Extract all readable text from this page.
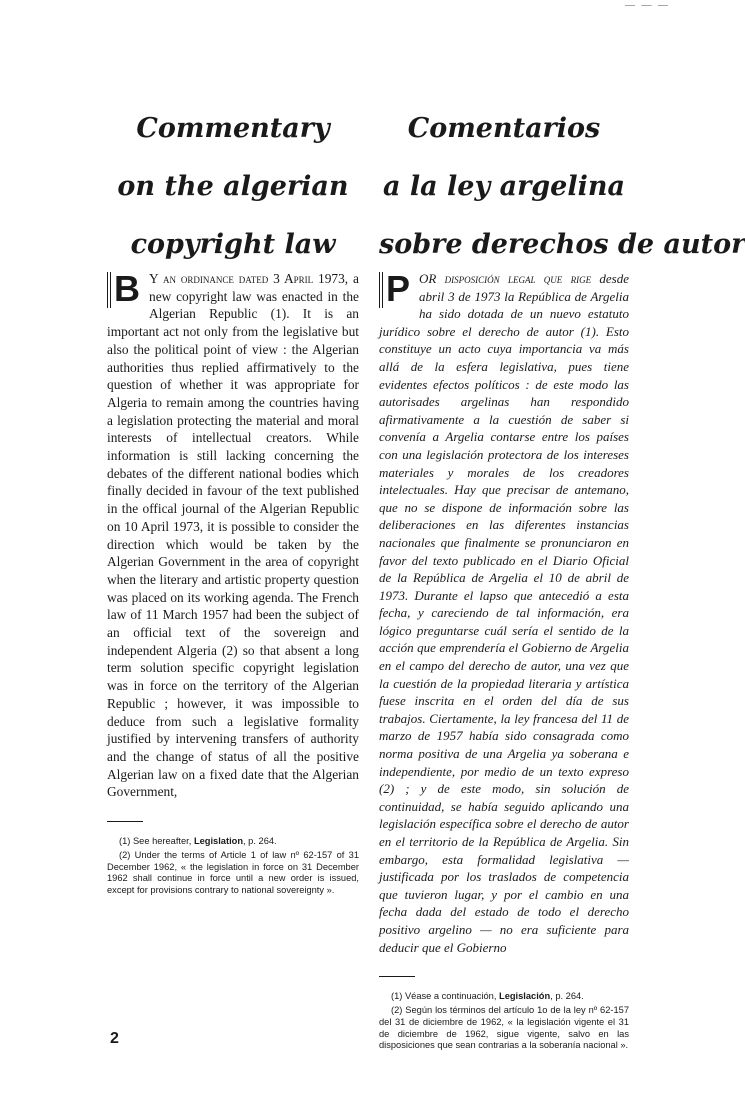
— — —
Commentary
on the algerian
copyright law
B Y an ordinance dated 3 April 1973, a new copyright law was enacted in the Algerian Republic (1). It is an important act not only from the legislative but also the political point of view : the Algerian authorities thus replied affirmatively to the question of whether it was appropriate for Algeria to remain among the countries having a legislation protecting the material and moral interests of intellectual creators. While information is still lacking concerning the debates of the different national bodies which finally decided in favour of the text published in the offical journal of the Algerian Republic on 10 April 1973, it is possible to consider the direction which would be taken by the Algerian Government in the area of copyright when the literary and artistic property question was placed on its working agenda. The French law of 11 March 1957 had been the subject of an official text of the sovereign and independent Algeria (2) so that absent a long term solution specific copyright legislation was in force on the territory of the Algerian Republic ; however, it was impossible to deduce from such a legislative formality justified by intervening transfers of authority and the change of status of all the positive Algerian law on a fixed date that the Algerian Government,

(1) See hereafter, Legislation, p. 264.

(2) Under the terms of Article 1 of law nº 62-157 of 31 December 1962, « the legislation in force on 31 December 1962 shall continue in force until a new order is issued, except for provisions contrary to national sovereignty ».

Comentarios
a la ley argelina
sobre derechos de autor
P OR disposición legal que rige desde abril 3 de 1973 la República de Argelia ha sido dotada de un nuevo estatuto jurídico sobre el derecho de autor (1). Esto constituye un acto cuya importancia va más allá de la esfera legislativa, pues tiene evidentes efectos políticos : de este modo las autorisades argelinas han respondido afirmativamente a la cuestión de saber si convenía a Argelia contarse entre los países con una legislación protectora de los intereses materiales y morales de los creadores intelectuales. Hay que precisar de antemano, que no se dispone de información sobre las deliberaciones en las diferentes instancias nacionales que finalmente se pronunciaron en favor del texto publicado en el Diario Oficial de la República de Argelia el 10 de abril de 1973. Durante el lapso que antecedió a esta fecha, y careciendo de tal información, era lógico preguntarse cuál sería el sentido de la acción que emprendería el Gobierno de Argelia en el campo del derecho de autor, una vez que la cuestión de la propiedad literaria y artística fuese inscrita en el orden del día de sus trabajos. Ciertamente, la ley francesa del 11 de marzo de 1957 había sido consagrada como norma positiva de una Argelia ya soberana e independiente, por medio de un texto expreso (2) ; y de este modo, sin solución de continuidad, se había seguido aplicando una legislación específica sobre el derecho de autor en el territorio de la República de Argelia. Sin embargo, esta formalidad legislativa — justificada por los traslados de competencia que tuvieron lugar, y por el cambio en una fecha dada del estado de todo el derecho positivo argelino — no era suficiente para deducir que el Gobierno

(1) Véase a continuación, Legislación, p. 264.

(2) Según los términos del artículo 1o de la ley nº 62-157 del 31 de diciembre de 1962, « la legislación vigente el 31 de diciembre de 1962, sigue vigente, salvo en las disposiciones que sean contrarias a la soberanía nacional ».

2
